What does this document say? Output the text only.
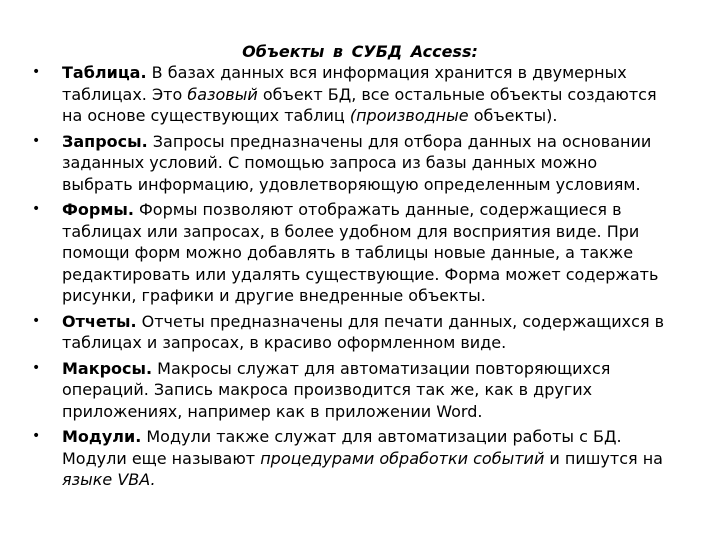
Объекты в СУБД Access:
• Таблица. В базах данных вся информация хранится в двумерных таблицах. Это базовый объект БД, все остальные объекты создаются на основе существующих таблиц (производные объекты).
• Запросы. Запросы предназначены для отбора данных на основании заданных условий. С помощью запроса из базы данных можно выбрать информацию, удовлетворяющую определенным условиям.
• Формы. Формы позволяют отображать данные, содержащиеся в таблицах или запросах, в более удобном для восприятия виде. При помощи форм можно добавлять в таблицы новые данные, а также редактировать или удалять существующие. Форма может содержать рисунки, графики и другие внедренные объекты.
• Отчеты. Отчеты предназначены для печати данных, содержащихся в таблицах и запросах, в красиво оформленном виде.
• Макросы. Макросы служат для автоматизации повторяющихся операций. Запись макроса производится так же, как в других приложениях, например как в приложении Word.
• Модули. Модули также служат для автоматизации работы с БД. Модули еще называют процедурами обработки событий и пишутся на языке VBA.
